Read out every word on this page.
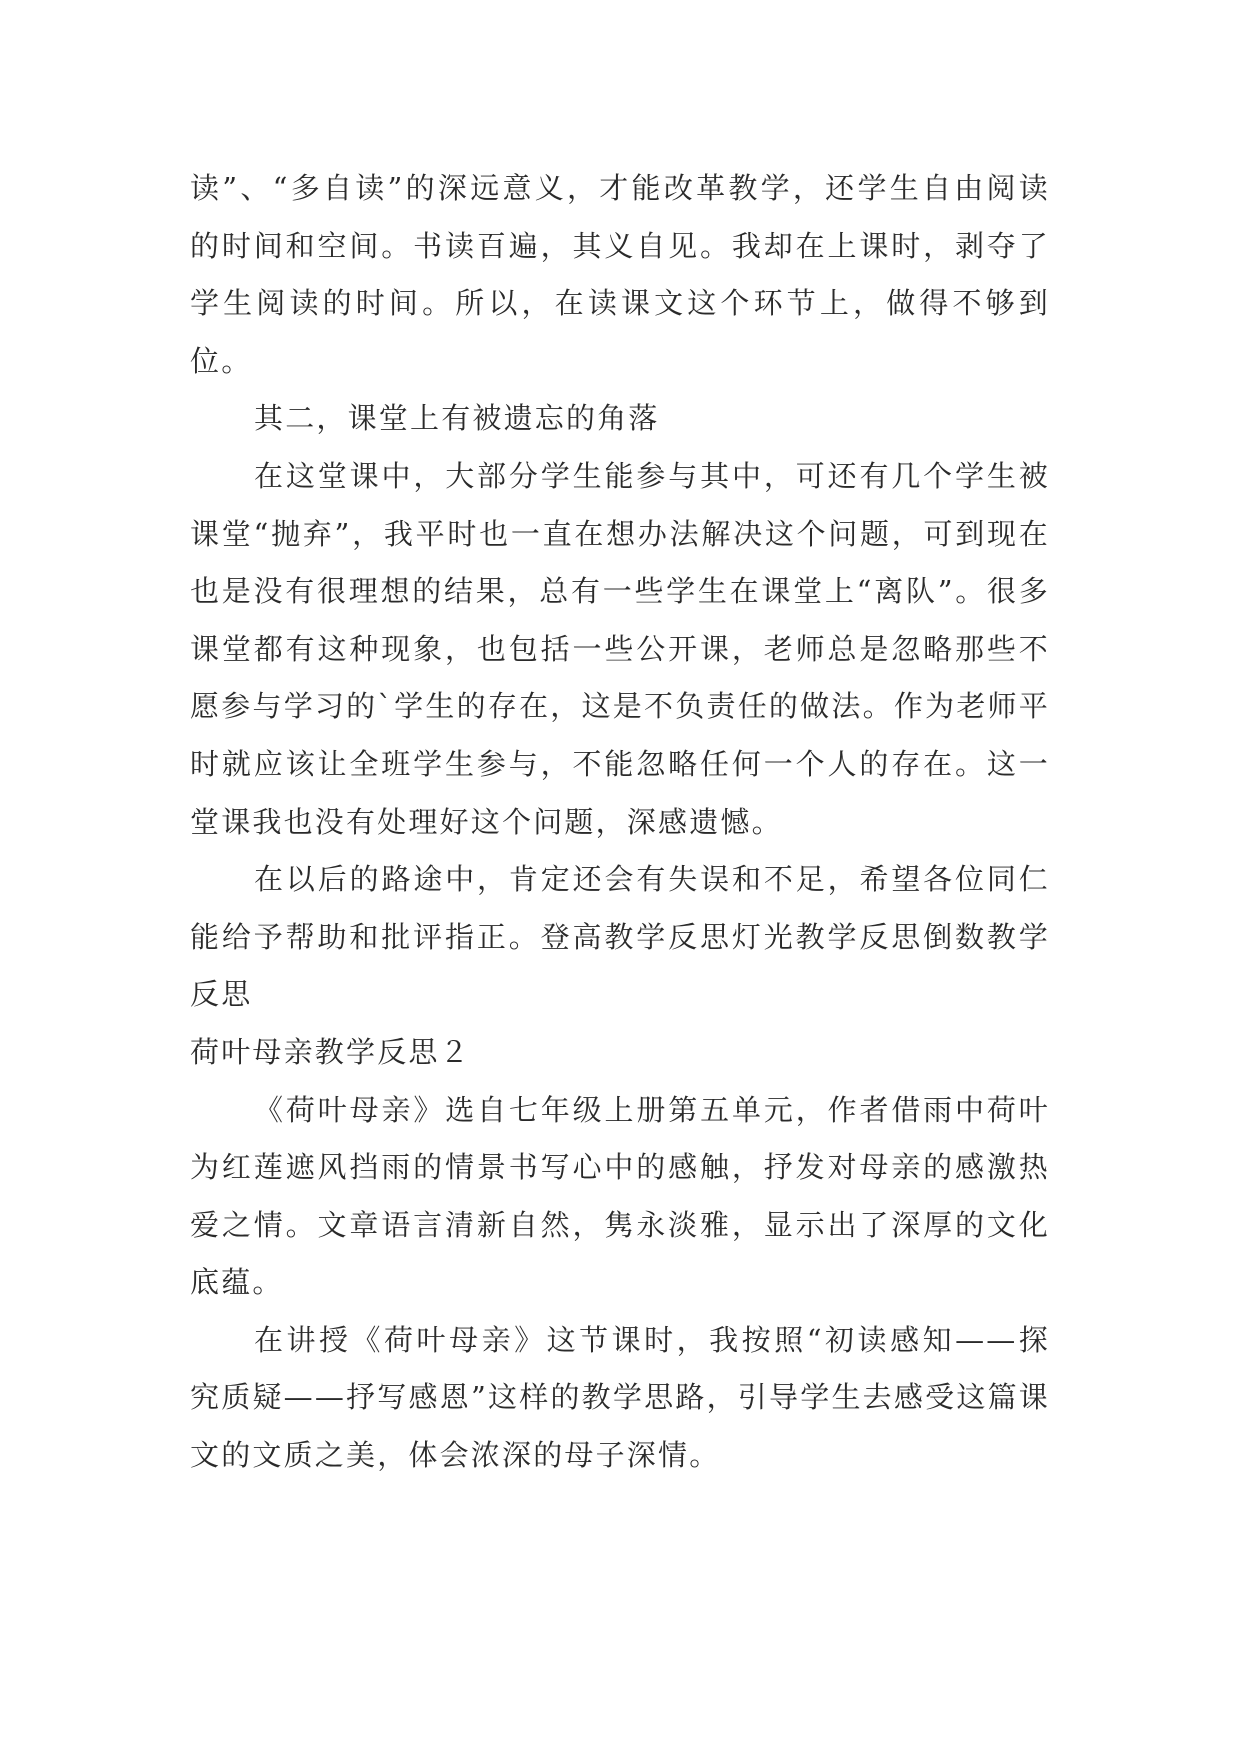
读”、“多自读”的深远意义，才能改革教学，还学生自由阅读的时间和空间。书读百遍，其义自见。我却在上课时，剥夺了学生阅读的时间。所以，在读课文这个环节上，做得不够到位。

其二，课堂上有被遗忘的角落

在这堂课中，大部分学生能参与其中，可还有几个学生被课堂“抛弃”，我平时也一直在想办法解决这个问题，可到现在也是没有很理想的结果，总有一些学生在课堂上“离队”。很多课堂都有这种现象，也包括一些公开课，老师总是忽略那些不愿参与学习的`学生的存在，这是不负责任的做法。作为老师平时就应该让全班学生参与，不能忽略任何一个人的存在。这一堂课我也没有处理好这个问题，深感遗憾。

在以后的路途中，肯定还会有失误和不足，希望各位同仁能给予帮助和批评指正。登高教学反思灯光教学反思倒数教学反思

荷叶母亲教学反思２

《荷叶母亲》选自七年级上册第五单元，作者借雨中荷叶为红莲遮风挡雨的情景书写心中的感触，抒发对母亲的感激热爱之情。文章语言清新自然，隽永淡雅，显示出了深厚的文化底蕴。

在讲授《荷叶母亲》这节课时，我按照“初读感知——探究质疑——抒写感恩”这样的教学思路，引导学生去感受这篇课文的文质之美，体会浓深的母子深情。
